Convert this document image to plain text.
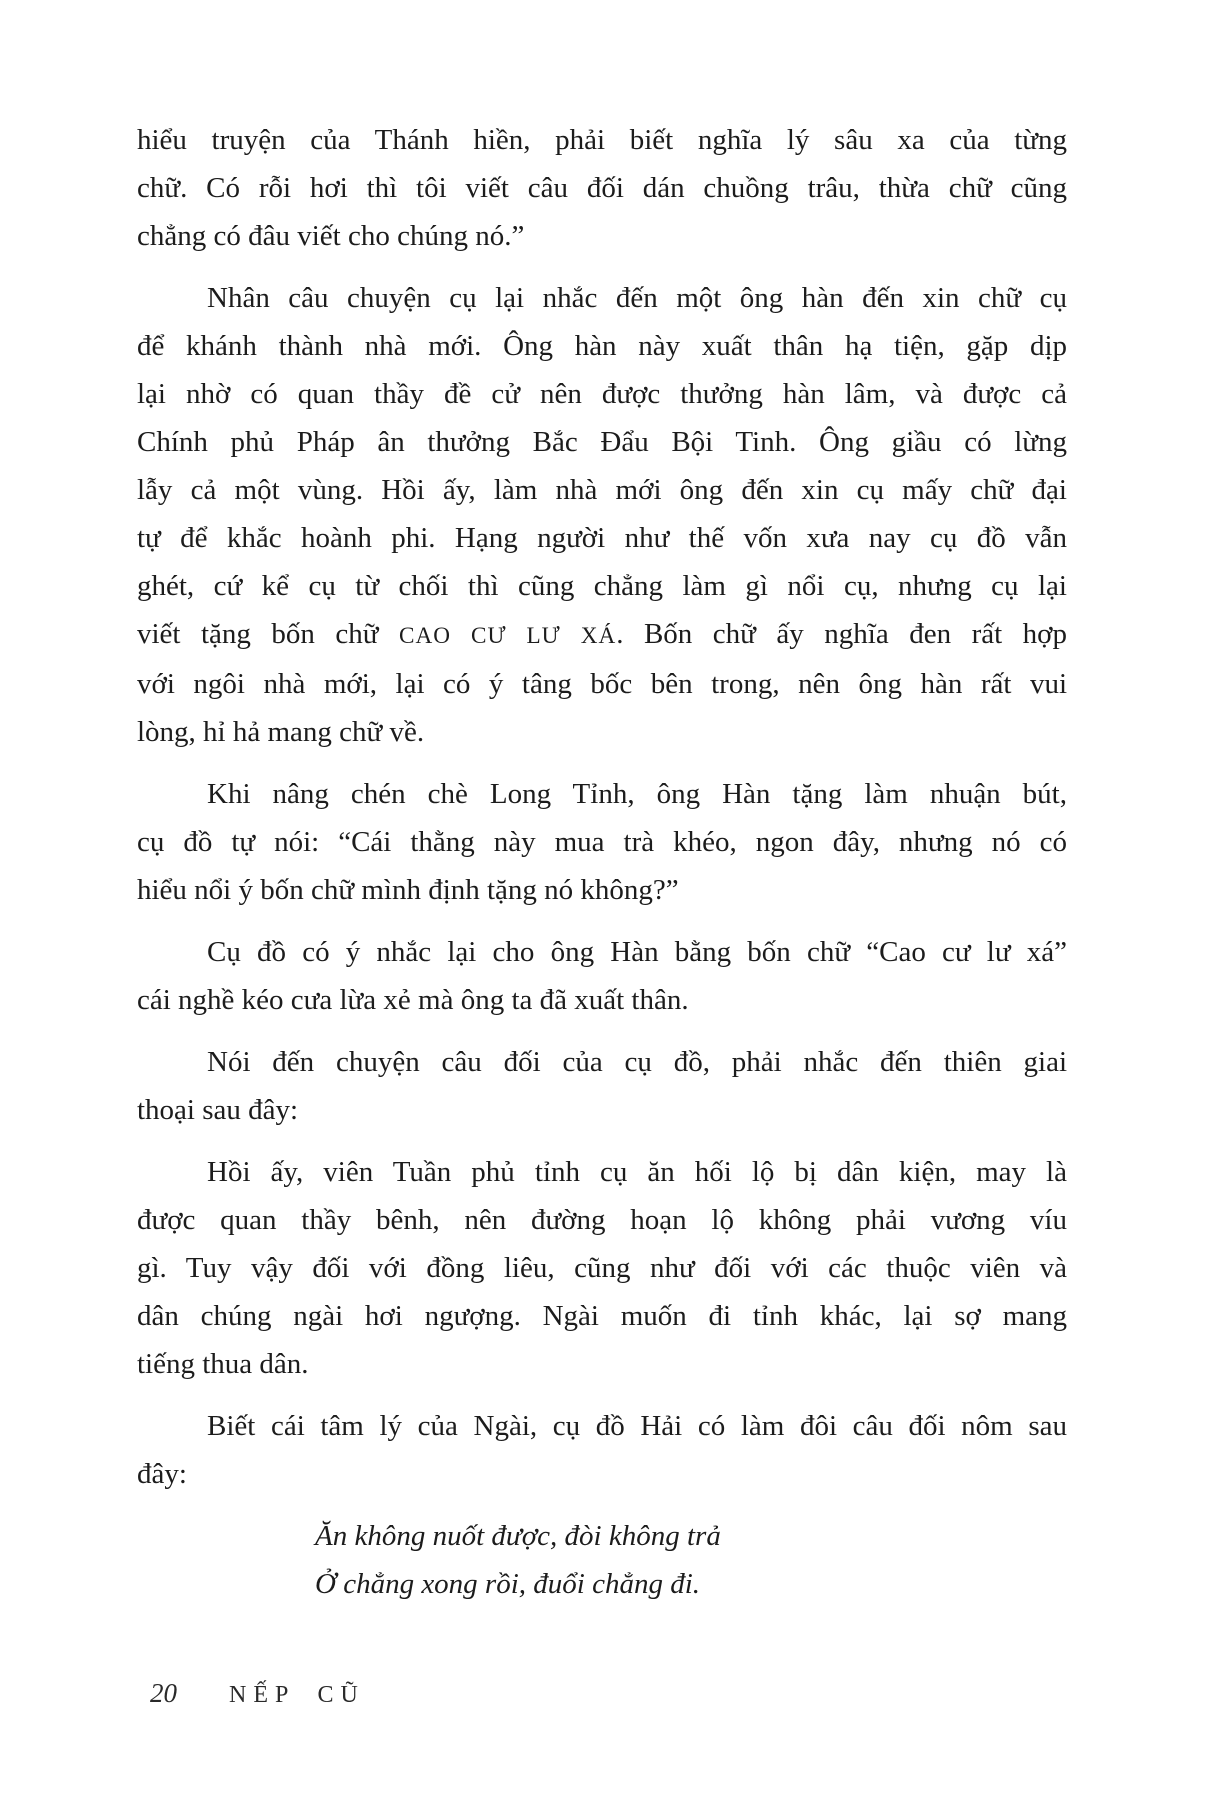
hiểu truyện của Thánh hiền, phải biết nghĩa lý sâu xa của từng
chữ. Có rỗi hơi thì tôi viết câu đối dán chuồng trâu, thừa chữ cũng
chẳng có đâu viết cho chúng nó.”
Nhân câu chuyện cụ lại nhắc đến một ông hàn đến xin chữ cụ
để khánh thành nhà mới. Ông hàn này xuất thân hạ tiện, gặp dịp
lại nhờ có quan thầy đề cử nên được thưởng hàn lâm, và được cả
Chính phủ Pháp ân thưởng Bắc Đẩu Bội Tinh. Ông giầu có lừng
lẫy cả một vùng. Hồi ấy, làm nhà mới ông đến xin cụ mấy chữ đại
tự để khắc hoành phi. Hạng người như thế vốn xưa nay cụ đồ vẫn
ghét, cứ kể cụ từ chối thì cũng chẳng làm gì nổi cụ, nhưng cụ lại
viết tặng bốn chữ CAO CƯ LƯ XÁ. Bốn chữ ấy nghĩa đen rất hợp
với ngôi nhà mới, lại có ý tâng bốc bên trong, nên ông hàn rất vui
lòng, hỉ hả mang chữ về.
Khi nâng chén chè Long Tỉnh, ông Hàn tặng làm nhuận bút,
cụ đồ tự nói: “Cái thằng này mua trà khéo, ngon đây, nhưng nó có
hiểu nổi ý bốn chữ mình định tặng nó không?”
Cụ đồ có ý nhắc lại cho ông Hàn bằng bốn chữ “Cao cư lư xá”
cái nghề kéo cưa lừa xẻ mà ông ta đã xuất thân.
Nói đến chuyện câu đối của cụ đồ, phải nhắc đến thiên giai
thoại sau đây:
Hồi ấy, viên Tuần phủ tỉnh cụ ăn hối lộ bị dân kiện, may là
được quan thầy bênh, nên đường hoạn lộ không phải vương víu
gì. Tuy vậy đối với đồng liêu, cũng như đối với các thuộc viên và
dân chúng ngài hơi ngượng. Ngài muốn đi tỉnh khác, lại sợ mang
tiếng thua dân.
Biết cái tâm lý của Ngài, cụ đồ Hải có làm đôi câu đối nôm sau
đây:
Ăn không nuốt được, đòi không trả
Ở chẳng xong rồi, đuổi chẳng đi.
20 NẾP CŨ
